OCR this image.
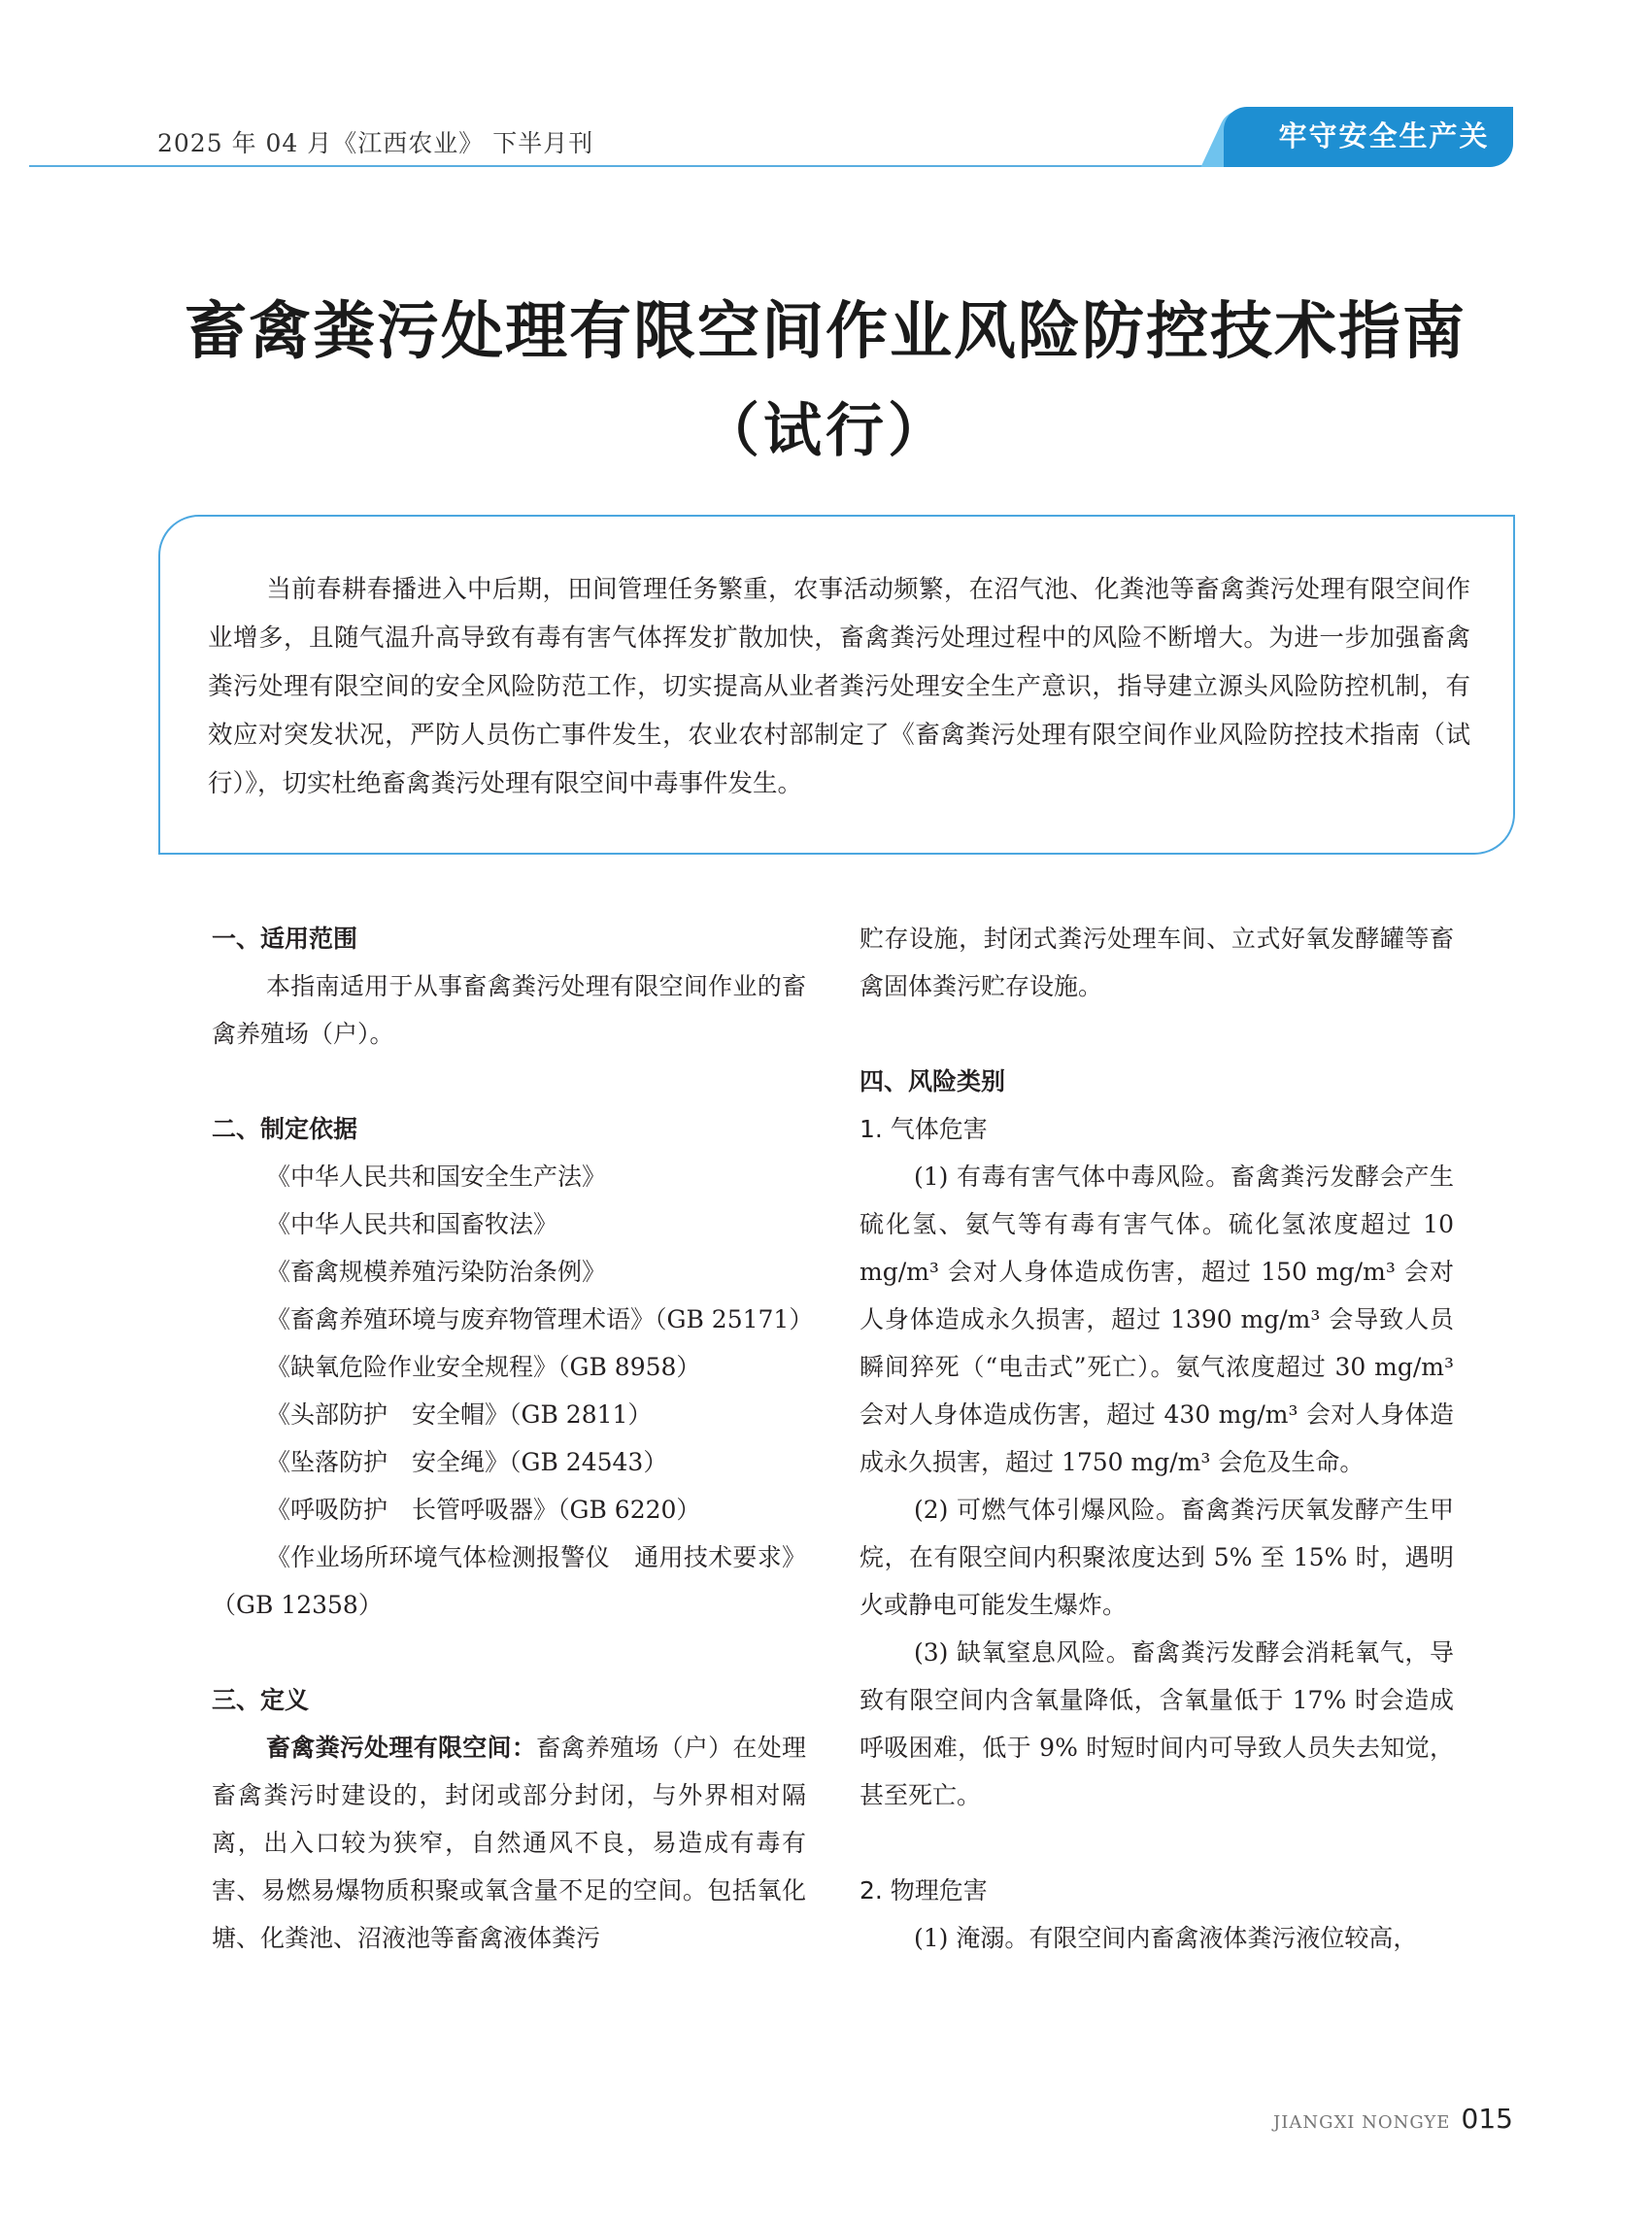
2025 年 04 月《江西农业》 下半月刊	牢守安全生产关
畜禽粪污处理有限空间作业风险防控技术指南
（试行）
当前春耕春播进入中后期，田间管理任务繁重，农事活动频繁，在沼气池、化粪池等畜禽粪污处理有限空间作业增多，且随气温升高导致有毒有害气体挥发扩散加快，畜禽粪污处理过程中的风险不断增大。为进一步加强畜禽粪污处理有限空间的安全风险防范工作，切实提高从业者粪污处理安全生产意识，指导建立源头风险防控机制，有效应对突发状况，严防人员伤亡事件发生，农业农村部制定了《畜禽粪污处理有限空间作业风险防控技术指南（试行）》，切实杜绝畜禽粪污处理有限空间中毒事件发生。
一、适用范围
本指南适用于从事畜禽粪污处理有限空间作业的畜禽养殖场（户）。
二、制定依据
《中华人民共和国安全生产法》
《中华人民共和国畜牧法》
《畜禽规模养殖污染防治条例》
《畜禽养殖环境与废弃物管理术语》（GB 25171）
《缺氧危险作业安全规程》（GB 8958）
《头部防护　安全帽》（GB 2811）
《坠落防护　安全绳》（GB 24543）
《呼吸防护　长管呼吸器》（GB 6220）
《作业场所环境气体检测报警仪　通用技术要求》（GB 12358）
三、定义
畜禽粪污处理有限空间：畜禽养殖场（户）在处理畜禽粪污时建设的，封闭或部分封闭，与外界相对隔离，出入口较为狭窄，自然通风不良，易造成有毒有害、易燃易爆物质积聚或氧含量不足的空间。包括氧化塘、化粪池、沼液池等畜禽液体粪污
贮存设施，封闭式粪污处理车间、立式好氧发酵罐等畜禽固体粪污贮存设施。
四、风险类别
1. 气体危害
(1) 有毒有害气体中毒风险。畜禽粪污发酵会产生硫化氢、氨气等有毒有害气体。硫化氢浓度超过 10 mg/m³ 会对人身体造成伤害，超过 150 mg/m³ 会对人身体造成永久损害，超过 1390 mg/m³ 会导致人员瞬间猝死（“电击式”死亡）。氨气浓度超过 30 mg/m³ 会对人身体造成伤害，超过 430 mg/m³ 会对人身体造成永久损害，超过 1750 mg/m³ 会危及生命。
(2) 可燃气体引爆风险。畜禽粪污厌氧发酵产生甲烷，在有限空间内积聚浓度达到 5% 至 15% 时，遇明火或静电可能发生爆炸。
(3) 缺氧窒息风险。畜禽粪污发酵会消耗氧气，导致有限空间内含氧量降低，含氧量低于 17% 时会造成呼吸困难，低于 9% 时短时间内可导致人员失去知觉，甚至死亡。
2. 物理危害
(1) 淹溺。有限空间内畜禽液体粪污液位较高，
JIANGXI NONGYE 015
